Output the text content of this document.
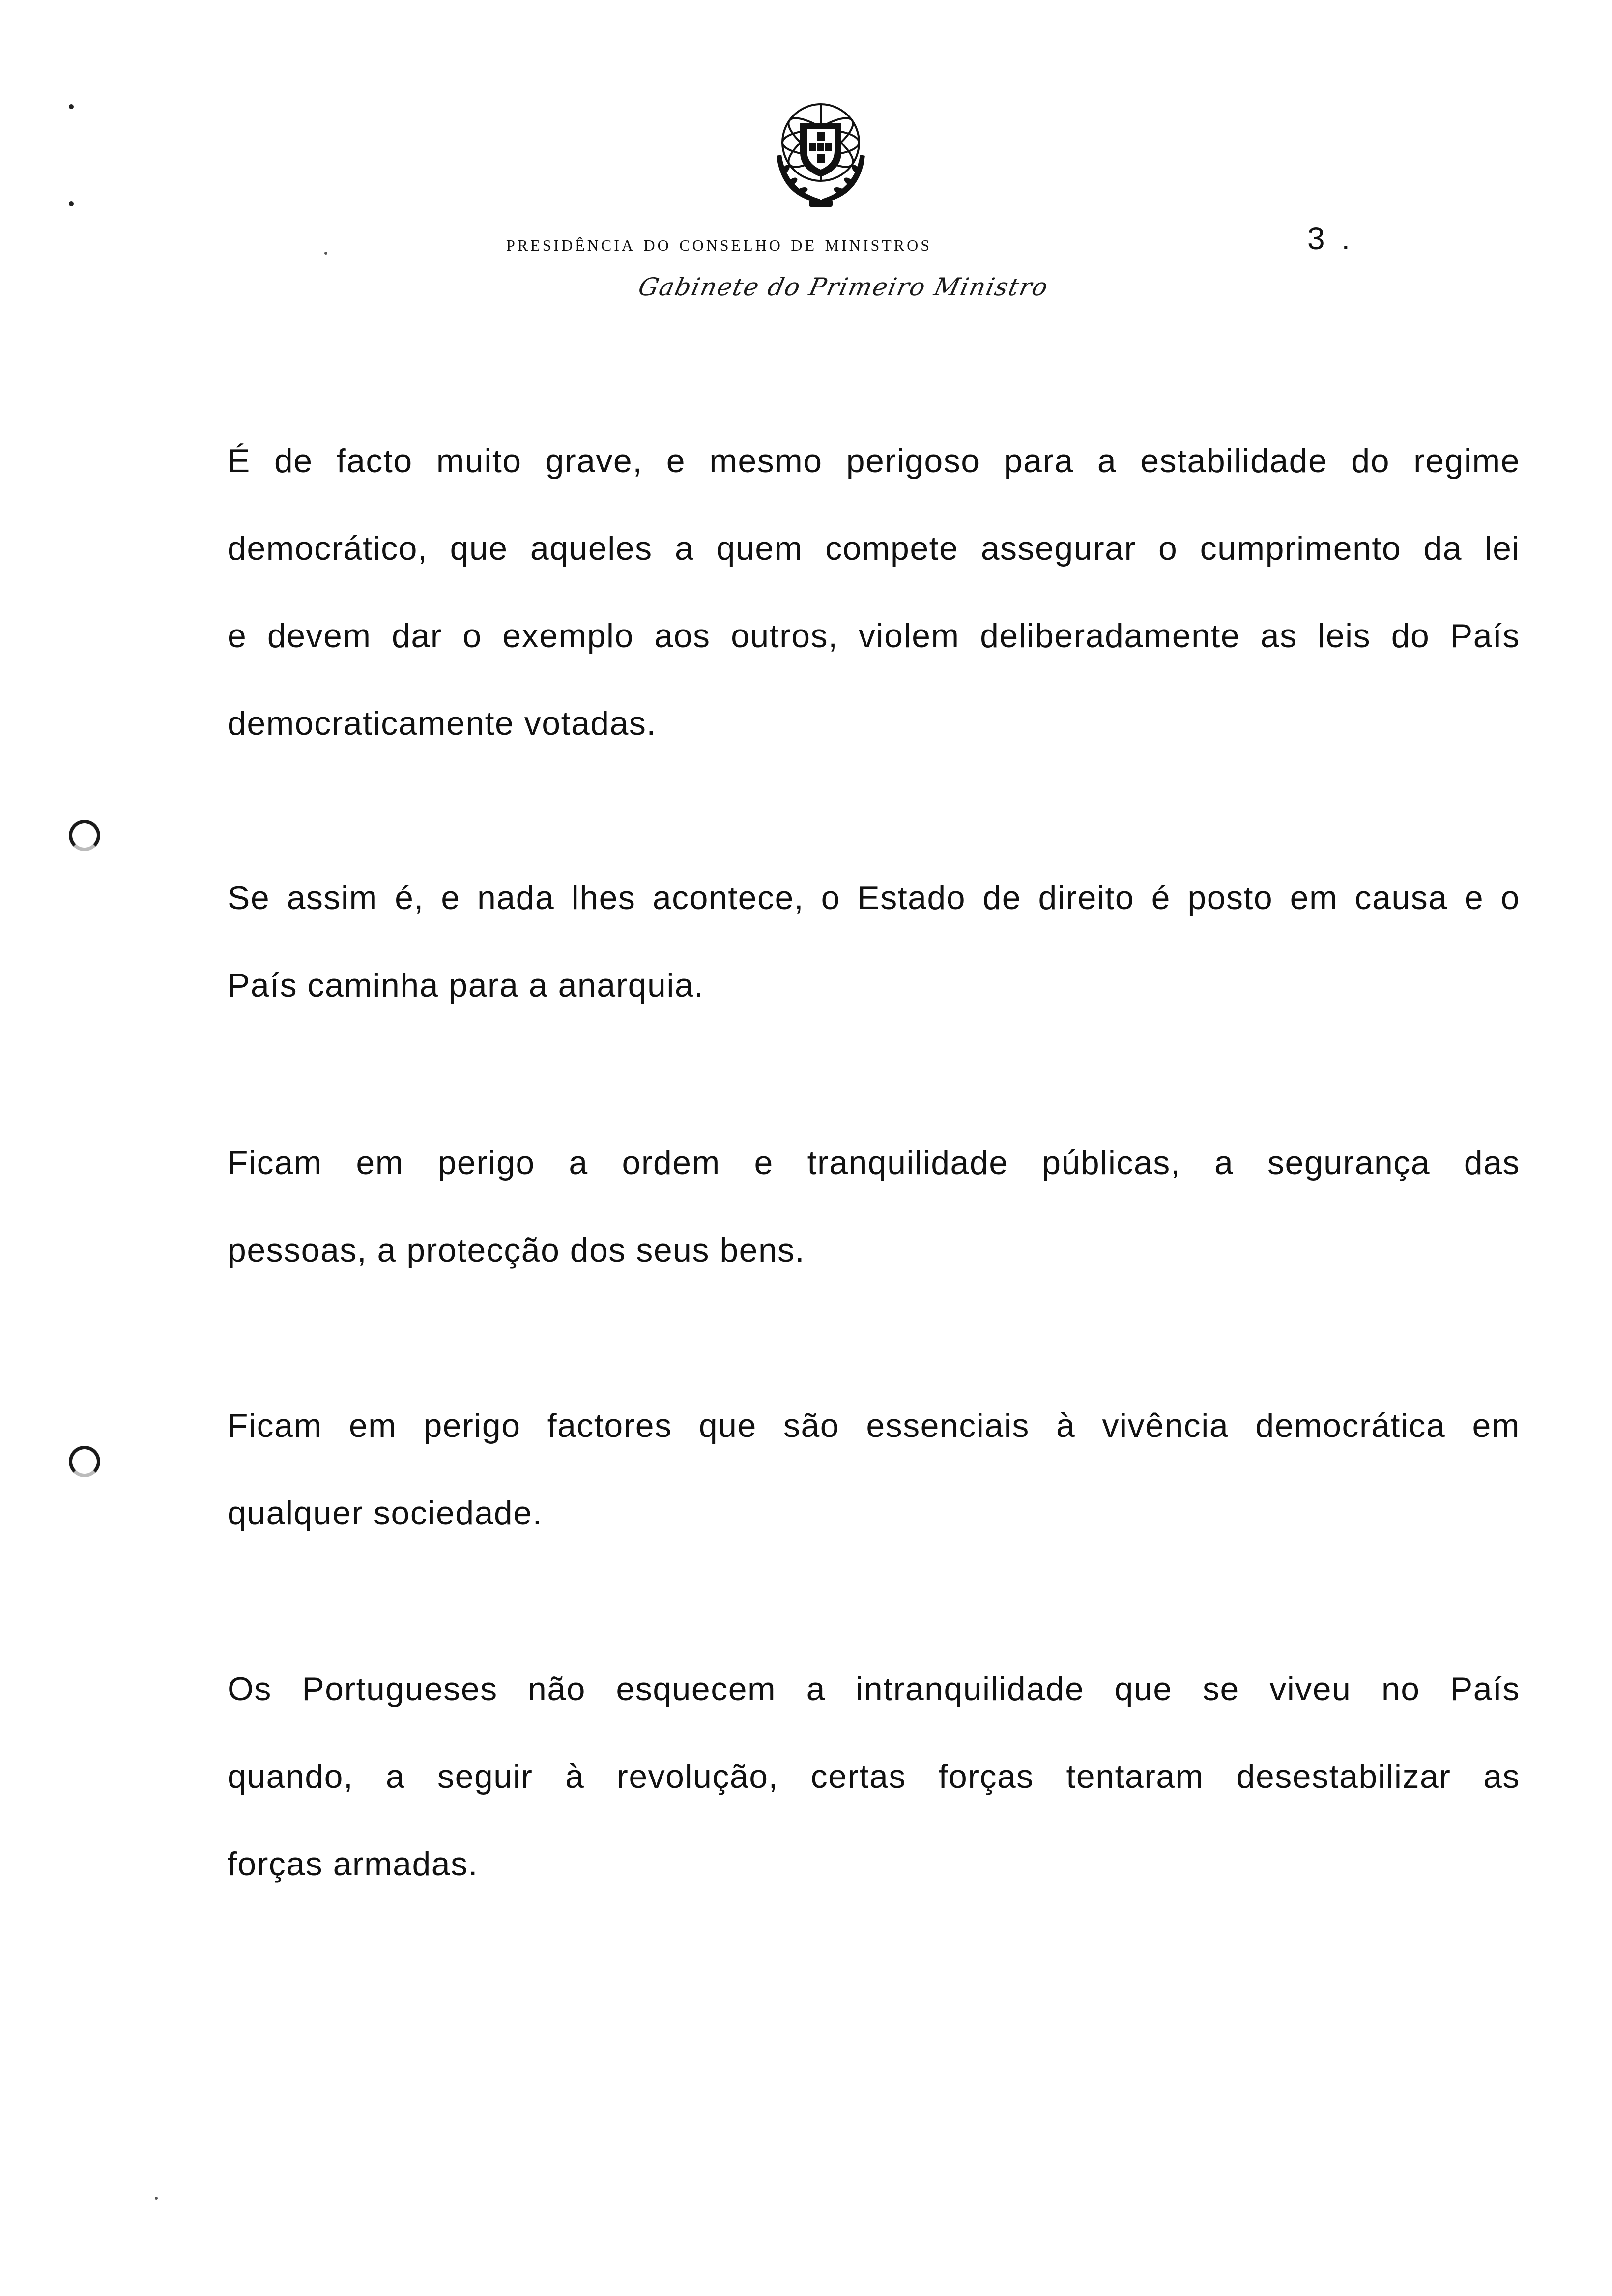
presidência do conselho de ministros	3 .
Gabinete do Primeiro Ministro
É de facto muito grave, e mesmo perigoso para a estabilidade do regime
democrático, que aqueles a quem compete assegurar o cumprimento da lei
e devem dar o exemplo aos outros, violem deliberadamente as leis do País
democraticamente votadas.
Se assim é, e nada lhes acontece, o Estado de direito é posto em causa e o
País caminha para a anarquia.
Ficam em perigo a ordem e tranquilidade públicas, a segurança das
pessoas, a protecção dos seus bens.
Ficam em perigo factores que são essenciais à vivência democrática em
qualquer sociedade.
Os Portugueses não esquecem a intranquilidade que se viveu no País
quando, a seguir à revolução, certas forças tentaram desestabilizar as
forças armadas.
